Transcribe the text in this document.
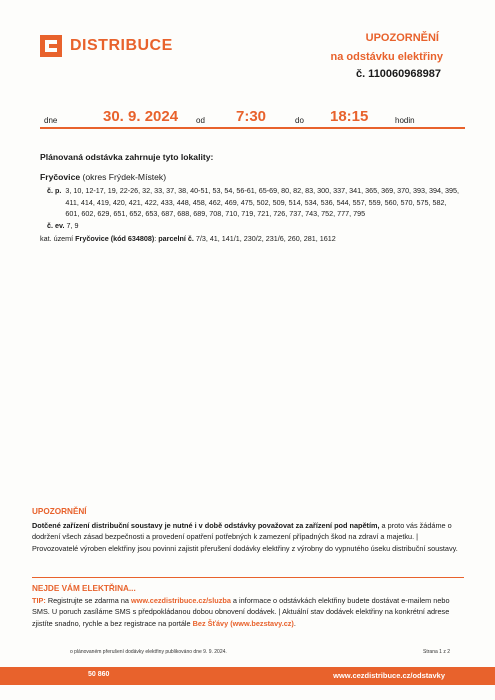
DISTRIBUCE	UPOZORNĚNÍ
na odstávku elektřiny
č. 110060968987
dne	30. 9. 2024 od 7:30	do 18:15	hodin
Plánovaná odstávka zahrnuje tyto lokality:
Fryčovice (okres Frýdek-Místek)
č. p. 3, 10, 12-17, 19, 22-26, 32, 33, 37, 38, 40-51, 53, 54, 56-61, 65-69, 80, 82, 83, 300, 337, 341, 365, 369, 370, 393, 394, 395, 411, 414, 419, 420, 421, 422, 433, 448, 458, 462, 469, 475, 502, 509, 514, 534, 536, 544, 557, 559, 560, 570, 575, 582, 601, 602, 629, 651, 652, 653, 687, 688, 689, 708, 710, 719, 721, 726, 737, 743, 752, 777, 795
č. ev. 7, 9
kat. území Fryčovice (kód 634808): parcelní č. 7/3, 41, 141/1, 230/2, 231/6, 260, 281, 1612
UPOZORNĚNÍ
Dotčené zařízení distribuční soustavy je nutné i v době odstávky považovat za zařízení pod napětím, a proto vás žádáme o dodržení všech zásad bezpečnosti a provedení opatření potřebných k zamezení případných škod na zdraví a majetku. | Provozovatelé výroben elektřiny jsou povinni zajistit přerušení dodávky elektřiny z výrobny do vypnutého úseku distribuční soustavy.
NEJDE VÁM ELEKTŘINA...
TIP: Registrujte se zdarma na www.cezdistribuce.cz/sluzba a informace o odstávkách elektřiny budete dostávat e-mailem nebo SMS. U poruch zasíláme SMS s předpokládanou dobou obnovení dodávek. | Aktuální stav dodávek elektřiny na konkrétní adrese zjistíte snadno, rychle a bez registrace na portále Bez Šťávy (www.bezstavy.cz).
o plánovaném přerušení dodávky elektřiny publikováno dne 9. 9. 2024.	Strana 1 z 2
50 860	www.cezdistribuce.cz/odstavky
